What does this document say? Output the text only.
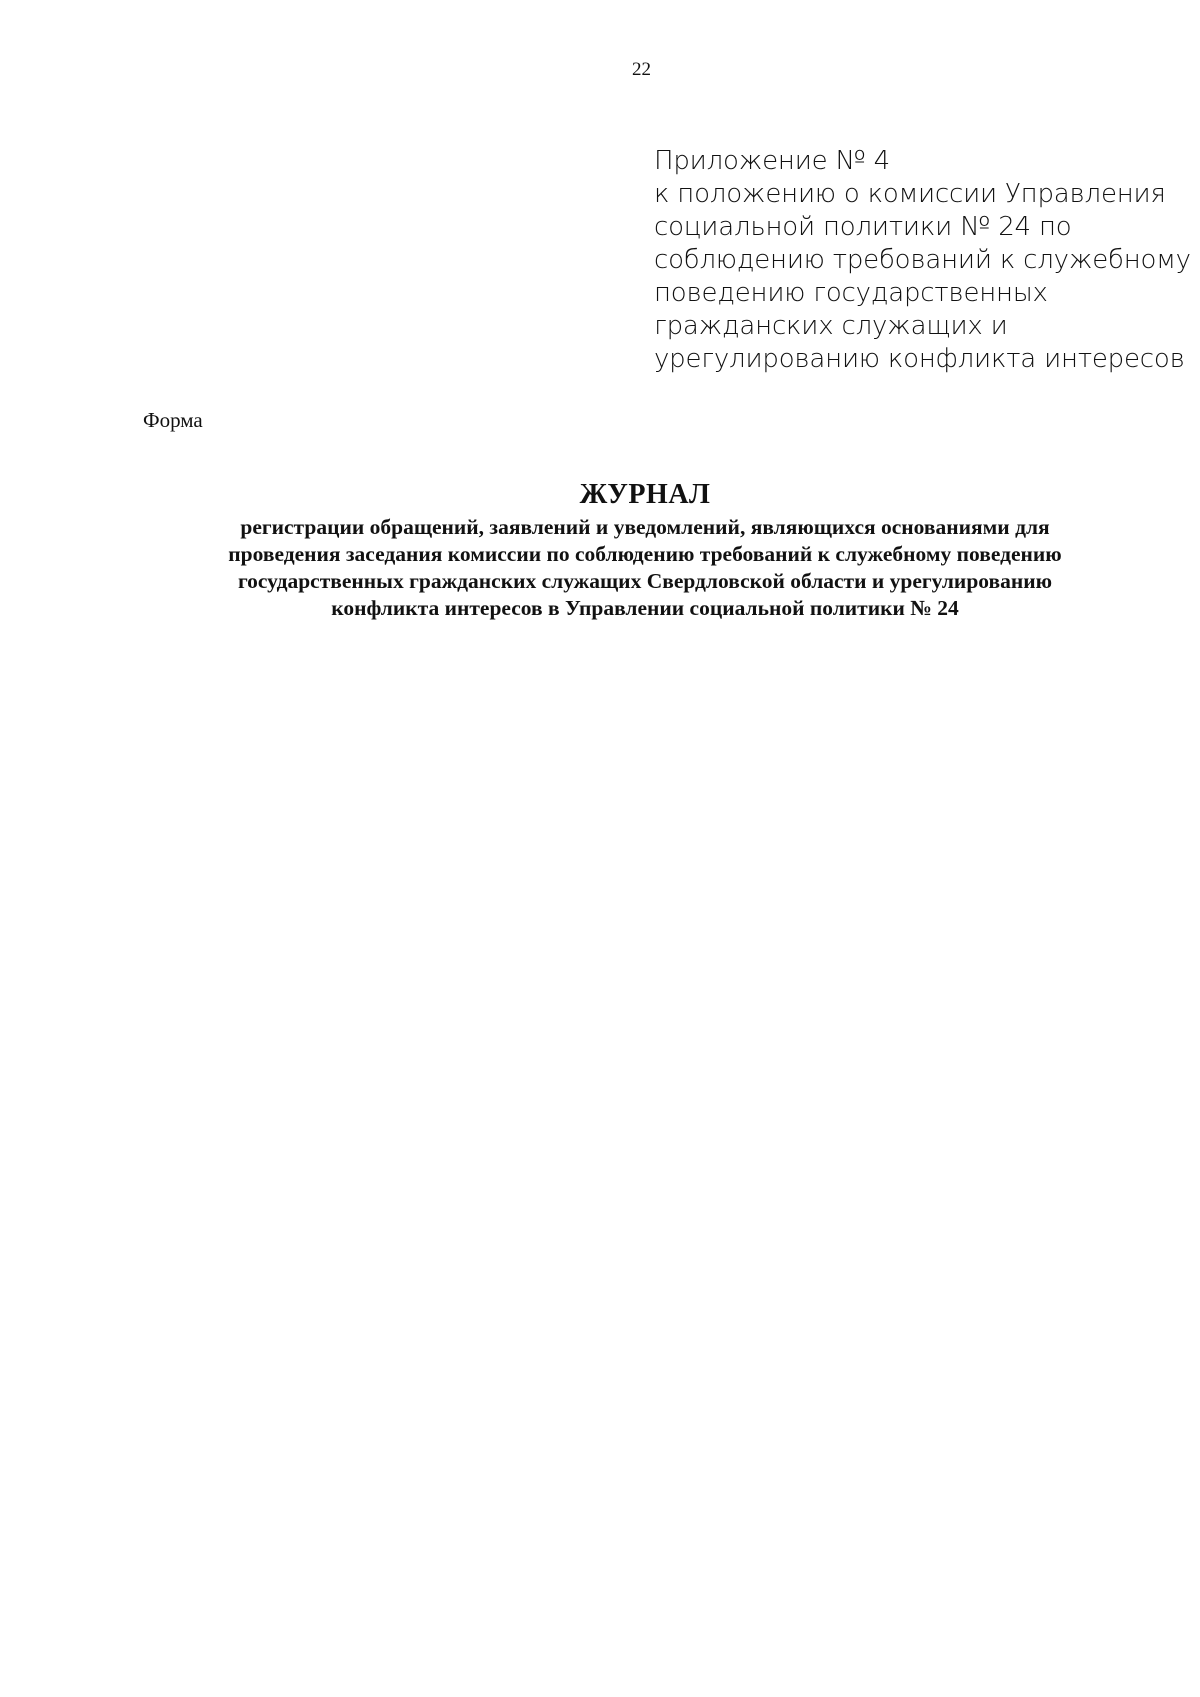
22
Приложение № 4
к положению о комиссии Управления
социальной политики № 24 по
соблюдению требований к служебному
поведению государственных
гражданских служащих и
урегулированию конфликта интересов
Форма
ЖУРНАЛ
регистрации обращений, заявлений и уведомлений, являющихся основаниями для
проведения заседания комиссии по соблюдению требований к служебному поведению
государственных гражданских служащих Свердловской области и урегулированию
конфликта интересов в Управлении социальной политики № 24
